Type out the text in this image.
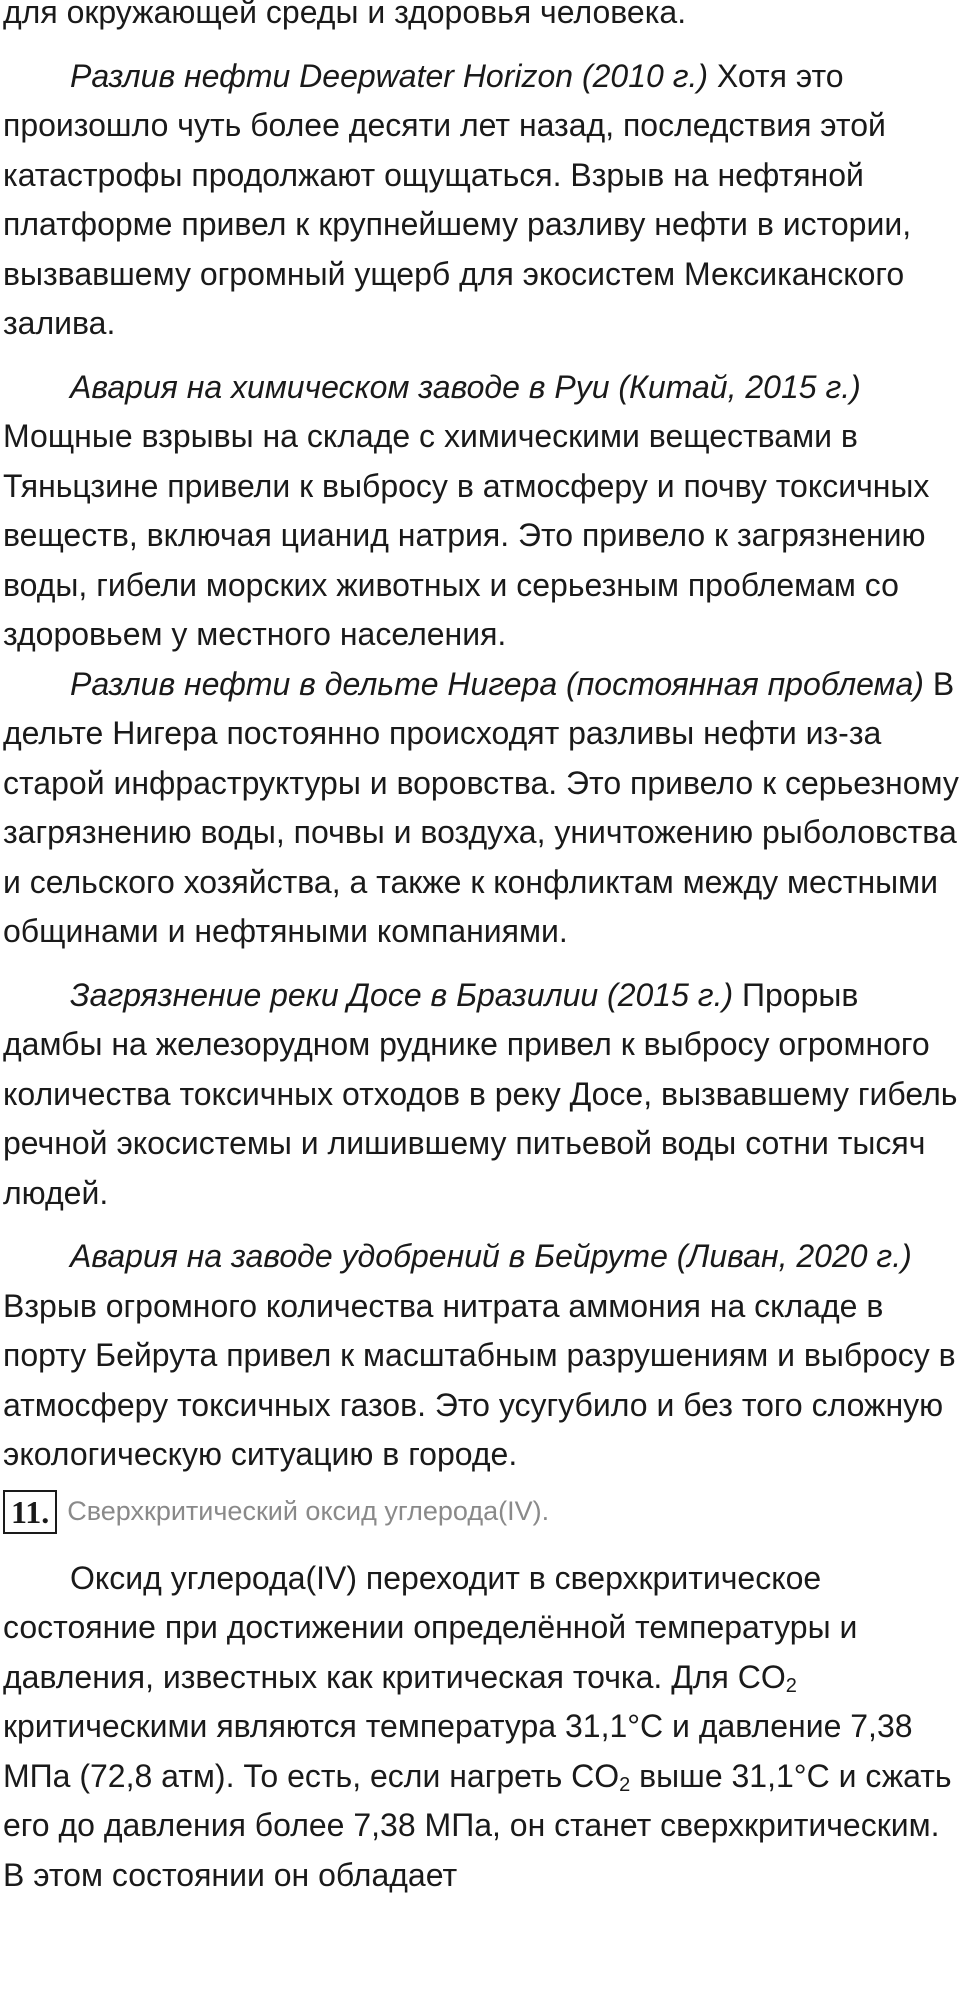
для окружающей среды и здоровья человека.

Разлив нефти Deepwater Horizon (2010 г.) Хотя это произошло чуть более десяти лет назад, последствия этой катастрофы продолжают ощущаться. Взрыв на нефтяной платформе привел к крупнейшему разливу нефти в истории, вызвавшему огромный ущерб для экосистем Мексиканского залива.

Авария на химическом заводе в Руи (Китай, 2015 г.) Мощные взрывы на складе с химическими веществами в Тяньцзине привели к выбросу в атмосферу и почву токсичных веществ, включая цианид натрия. Это привело к загрязнению воды, гибели морских животных и серьезным проблемам со здоровьем у местного населения.

Разлив нефти в дельте Нигера (постоянная проблема) В дельте Нигера постоянно происходят разливы нефти из-за старой инфраструктуры и воровства. Это привело к серьезному загрязнению воды, почвы и воздуха, уничтожению рыболовства и сельского хозяйства, а также к конфликтам между местными общинами и нефтяными компаниями.

Загрязнение реки Досе в Бразилии (2015 г.) Прорыв дамбы на железорудном руднике привел к выбросу огромного количества токсичных отходов в реку Досе, вызвавшему гибель речной экосистемы и лишившему питьевой воды сотни тысяч людей.

Авария на заводе удобрений в Бейруте (Ливан, 2020 г.) Взрыв огромного количества нитрата аммония на складе в порту Бейрута привел к масштабным разрушениям и выбросу в атмосферу токсичных газов. Это усугубило и без того сложную экологическую ситуацию в городе.

11. Сверхкритический оксид углерода(IV).

Оксид углерода(IV) переходит в сверхкритическое состояние при достижении определённой температуры и давления, известных как критическая точка. Для $CO_2$ критическими являются температура 31,1°С и давление 7,38 МПа (72,8 атм). То есть, если нагреть $CO_2$ выше 31,1°С и сжать его до давления более 7,38 МПа, он станет сверхкритическим. В этом состоянии он обладает
